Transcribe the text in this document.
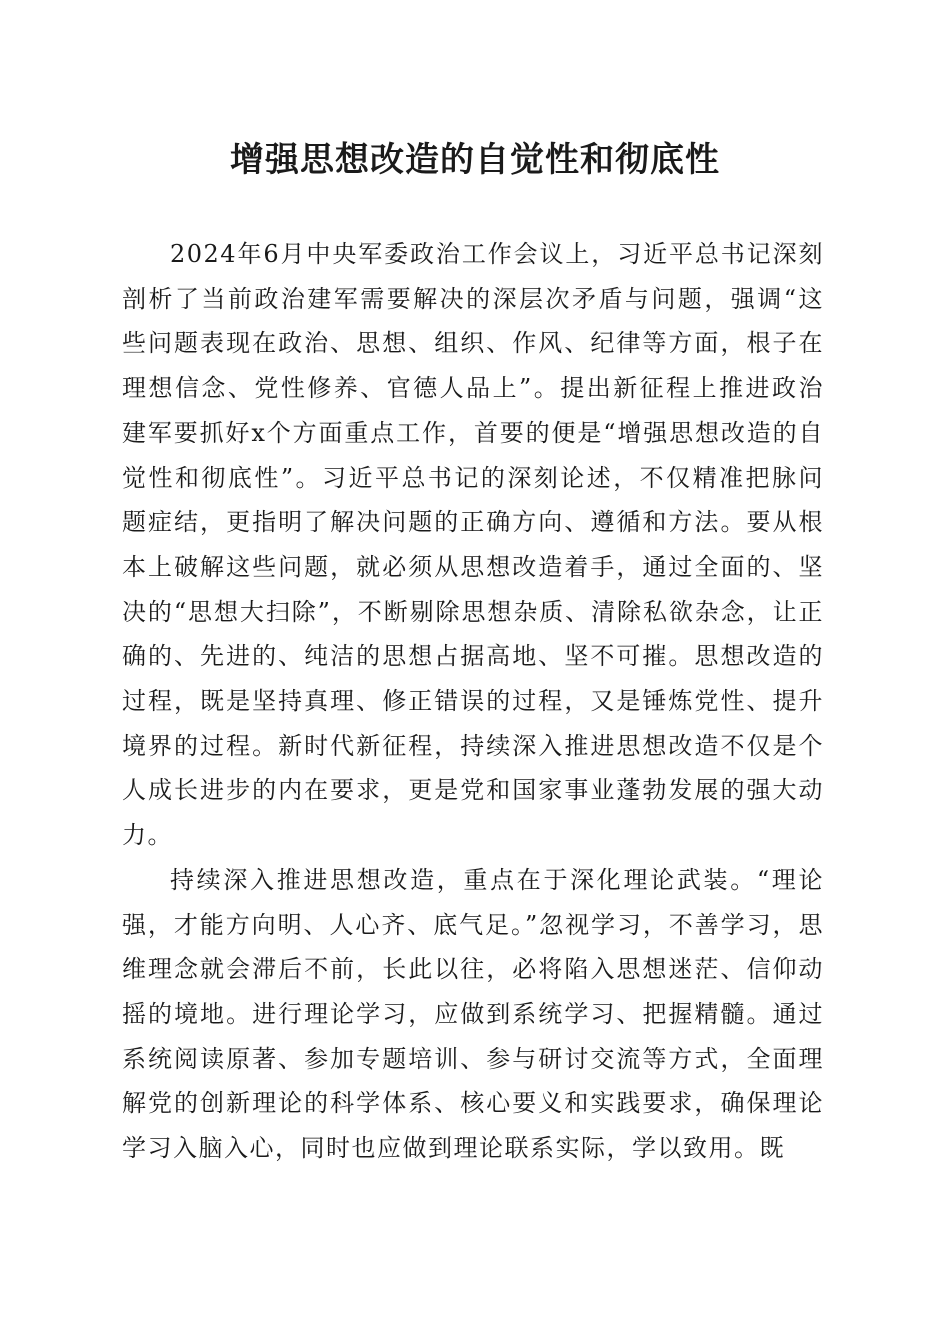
增强思想改造的自觉性和彻底性

2024年6月中央军委政治工作会议上，习近平总书记深刻剖析了当前政治建军需要解决的深层次矛盾与问题，强调“这些问题表现在政治、思想、组织、作风、纪律等方面，根子在理想信念、党性修养、官德人品上”。提出新征程上推进政治建军要抓好x个方面重点工作，首要的便是“增强思想改造的自觉性和彻底性”。习近平总书记的深刻论述，不仅精准把脉问题症结，更指明了解决问题的正确方向、遵循和方法。要从根本上破解这些问题，就必须从思想改造着手，通过全面的、坚决的“思想大扫除”，不断剔除思想杂质、清除私欲杂念，让正确的、先进的、纯洁的思想占据高地、坚不可摧。思想改造的过程，既是坚持真理、修正错误的过程，又是锤炼党性、提升境界的过程。新时代新征程，持续深入推进思想改造不仅是个人成长进步的内在要求，更是党和国家事业蓬勃发展的强大动力。

持续深入推进思想改造，重点在于深化理论武装。“理论强，才能方向明、人心齐、底气足。”忽视学习，不善学习，思维理念就会滞后不前，长此以往，必将陷入思想迷茫、信仰动摇的境地。进行理论学习，应做到系统学习、把握精髓。通过系统阅读原著、参加专题培训、参与研讨交流等方式，全面理解党的创新理论的科学体系、核心要义和实践要求，确保理论学习入脑入心，同时也应做到理论联系实际，学以致用。既
